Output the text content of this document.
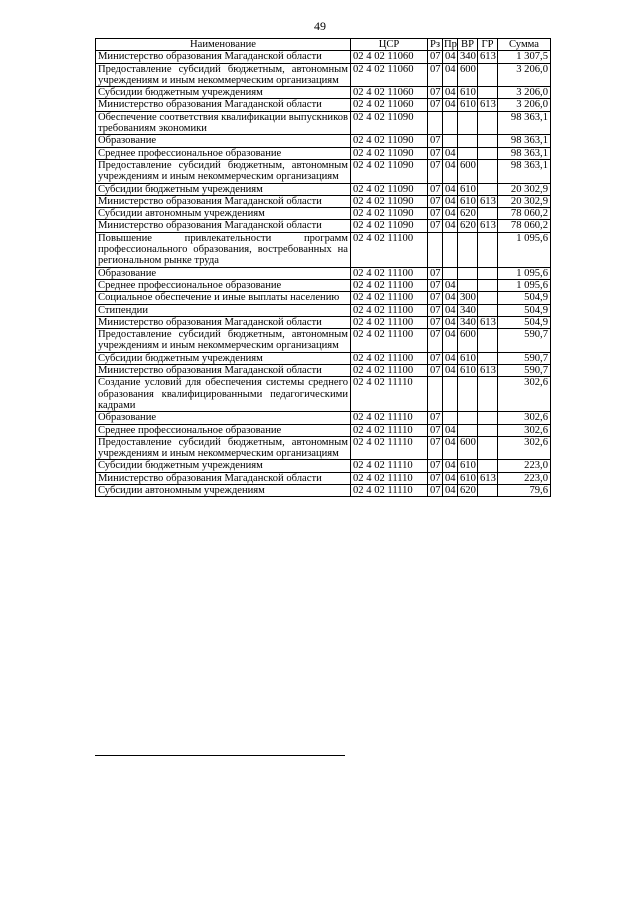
49
Наименование	ЦСР	Рз	Пр	ВР	ГР	Сумма
Министерство образования Магаданской области	02 4 02 11060	07	04	340	613	1 307,5
Предоставление субсидий бюджетным, автономным учреждениям и иным некоммерческим организациям	02 4 02 11060	07	04	600		3 206,0
Субсидии бюджетным учреждениям	02 4 02 11060	07	04	610		3 206,0
Министерство образования Магаданской области	02 4 02 11060	07	04	610	613	3 206,0
Обеспечение соответствия квалификации выпускников требованиям экономики	02 4 02 11090					98 363,1
Образование	02 4 02 11090	07				98 363,1
Среднее профессиональное образование	02 4 02 11090	07	04			98 363,1
Предоставление субсидий бюджетным, автономным учреждениям и иным некоммерческим организациям	02 4 02 11090	07	04	600		98 363,1
Субсидии бюджетным учреждениям	02 4 02 11090	07	04	610		20 302,9
Министерство образования Магаданской области	02 4 02 11090	07	04	610	613	20 302,9
Субсидии автономным учреждениям	02 4 02 11090	07	04	620		78 060,2
Министерство образования Магаданской области	02 4 02 11090	07	04	620	613	78 060,2
Повышение привлекательности программ профессионального образования, востребованных на региональном рынке труда	02 4 02 11100					1 095,6
Образование	02 4 02 11100	07				1 095,6
Среднее профессиональное образование	02 4 02 11100	07	04			1 095,6
Социальное обеспечение и иные выплаты населению	02 4 02 11100	07	04	300		504,9
Стипендии	02 4 02 11100	07	04	340		504,9
Министерство образования Магаданской области	02 4 02 11100	07	04	340	613	504,9
Предоставление субсидий бюджетным, автономным учреждениям и иным некоммерческим организациям	02 4 02 11100	07	04	600		590,7
Субсидии бюджетным учреждениям	02 4 02 11100	07	04	610		590,7
Министерство образования Магаданской области	02 4 02 11100	07	04	610	613	590,7
Создание условий для обеспечения системы среднего образования квалифицированными педагогическими кадрами	02 4 02 11110					302,6
Образование	02 4 02 11110	07				302,6
Среднее профессиональное образование	02 4 02 11110	07	04			302,6
Предоставление субсидий бюджетным, автономным учреждениям и иным некоммерческим организациям	02 4 02 11110	07	04	600		302,6
Субсидии бюджетным учреждениям	02 4 02 11110	07	04	610		223,0
Министерство образования Магаданской области	02 4 02 11110	07	04	610	613	223,0
Субсидии автономным учреждениям	02 4 02 11110	07	04	620		79,6
